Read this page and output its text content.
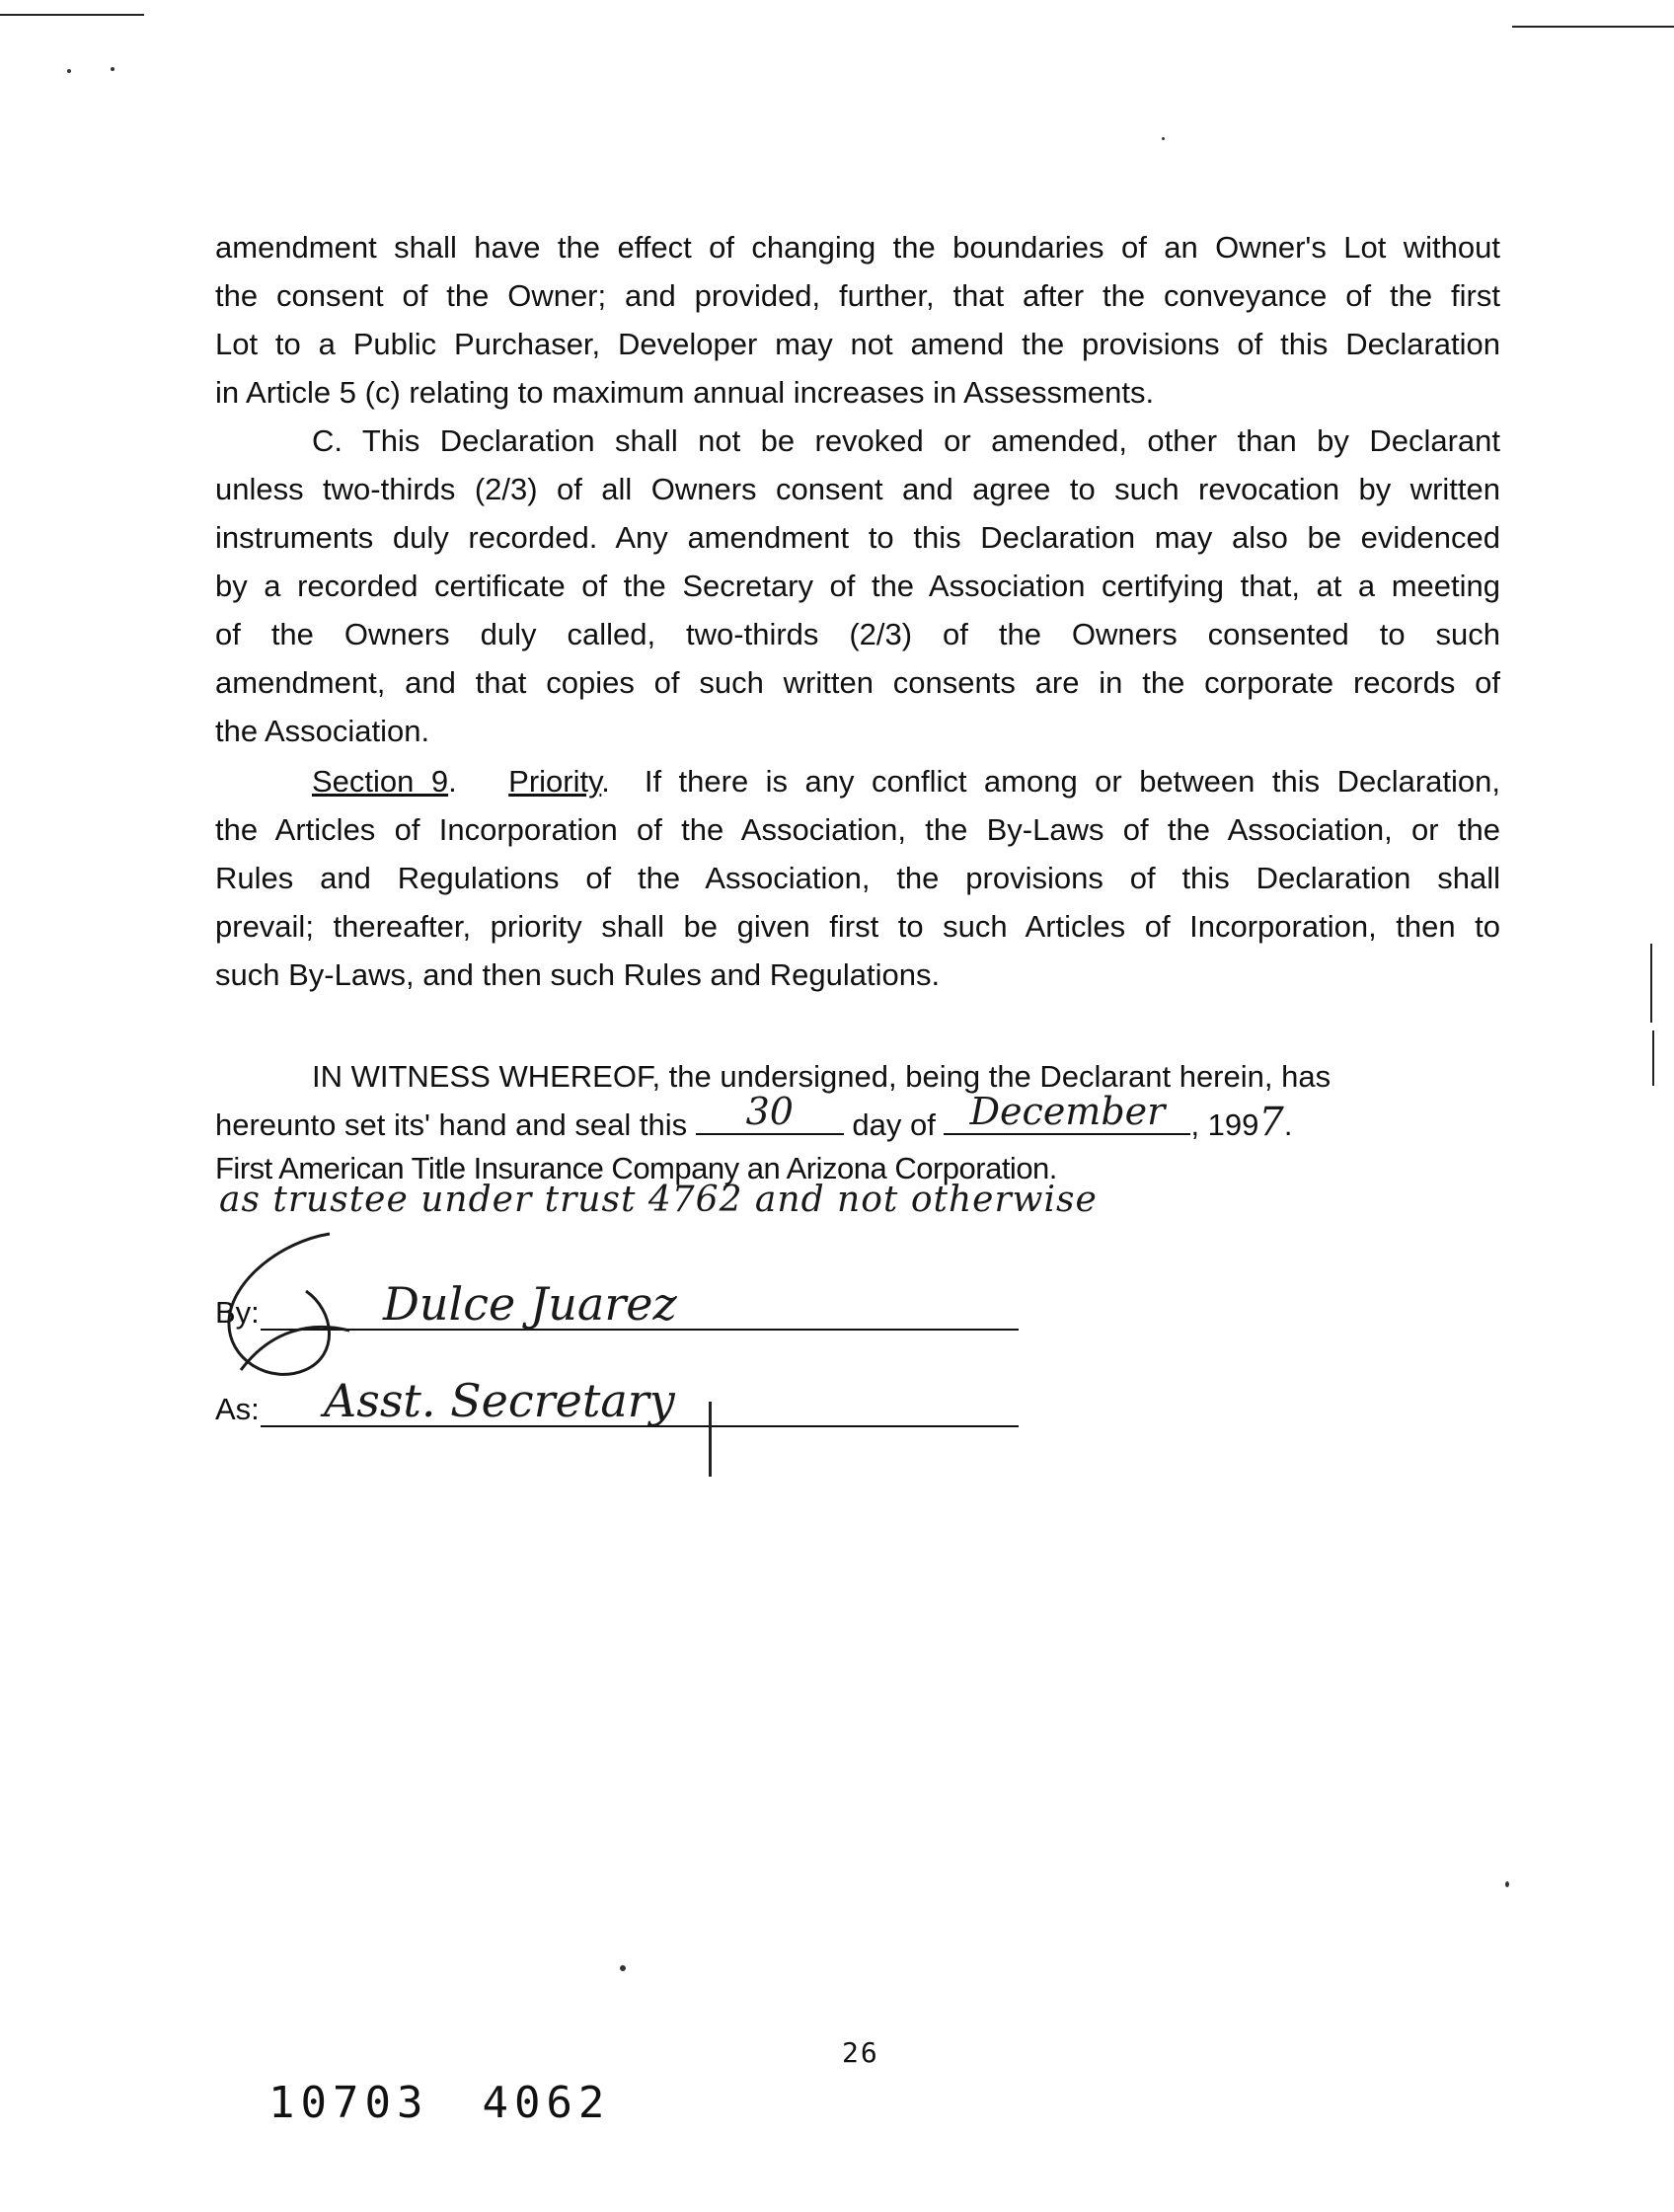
amendment shall have the effect of changing the boundaries of an Owner's Lot without
the consent of the Owner; and provided, further, that after the conveyance of the first
Lot to a Public Purchaser, Developer may not amend the provisions of this Declaration
in Article 5 (c) relating to maximum annual increases in Assessments.
C. This Declaration shall not be revoked or amended, other than by Declarant
unless two-thirds (2/3) of all Owners consent and agree to such revocation by written
instruments duly recorded. Any amendment to this Declaration may also be evidenced
by a recorded certificate of the Secretary of the Association certifying that, at a meeting
of the Owners duly called, two-thirds (2/3) of the Owners consented to such
amendment, and that copies of such written consents are in the corporate records of
the Association.
Section 9. Priority. If there is any conflict among or between this Declaration,
the Articles of Incorporation of the Association, the By-Laws of the Association, or the
Rules and Regulations of the Association, the provisions of this Declaration shall
prevail; thereafter, priority shall be given first to such Articles of Incorporation, then to
such By-Laws, and then such Rules and Regulations.
IN WITNESS WHEREOF, the undersigned, being the Declarant herein, has
hereunto set its' hand and seal this	30	day of December , 1997.
First American Title Insurance Company an Arizona Corporation.
as trustee under trust 4762 and not otherwise
By:	Dulce Juarez
As: Asst. Secretary
26
10703 4062
